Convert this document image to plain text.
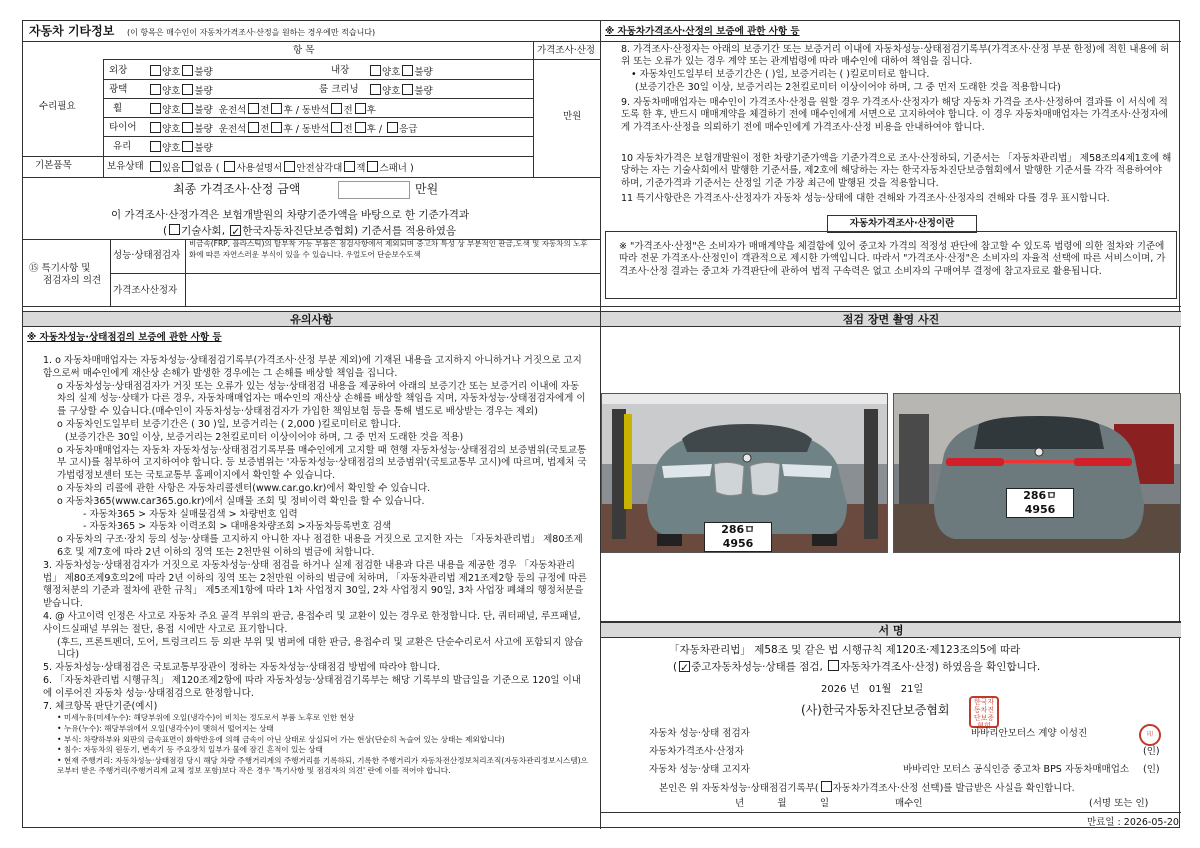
자동차 기타정보 (이 항목은 매수인이 자동차가격조사·산정을 원하는 경우에만 적습니다)
항 목	가격조사·산정
수리필요
기본품목
만원
외장	양호 불량	내장	양호 불량
광택	양호 불량	룸 크리닝	양호 불량
휠	양호 불량 운전석 전 후 / 동반석 전 후
타이어	양호 불량 운전석 전 후 / 동반석 전 후 / 응급
유리	양호 불량
보유상태	있음 없음 ( 사용설명서 안전삼각대 잭 스패너 )
최종 가격조사·산정 금액	만원
이 가격조사·산정가격은 보험개발원의 차량기준가액을 바탕으로 한 기준가격과
( 기술사회, ✓ 한국자동차진단보증협회) 기준서를 적용하였음
⑮ 특기사항 및
점검자의 의견
성능·상태점검자
비금속(FRP, 플라스틱)의 탈부착 가능 부품은 점검사항에서 제외되며 중고차 특성 상 부분적인 판금,도색 및 자동차의 노후화에 따른 자연스러운 부식이 있을 수 있습니다. 우얼도어 단순보수도색
가격조사산정자
※ 자동차가격조사·산정의 보증에 관한 사항 등
8. 가격조사·산정자는 아래의 보증기간 또는 보증거리 이내에 자동차성능·상태점검기록부(가격조사·산정 부분 한정)에 적힌 내용에 허위 또는 오류가 있는 경우 계약 또는 관계법령에 따라 매수인에 대하여 책임을 집니다.
• 자동차인도일부터 보증기간은 ( )일, 보증거리는 ( )킬로미터로 합니다.
(보증기간은 30일 이상, 보증거리는 2천킬로미터 이상이어야 하며, 그 중 먼저 도래한 것을 적용합니다)
9. 자동차매매업자는 매수인이 가격조사·산정을 원할 경우 가격조사·산정자가 해당 자동차 가격을 조사·산정하여 결과를 이 서식에 적도록 한 후, 반드시 매매계약을 체결하기 전에 매수인에게 서면으로 고지하여야 합니다. 이 경우 자동차매매업자는 가격조사·산정자에게 가격조사·산정을 의뢰하기 전에 매수인에게 가격조사·산정 비용을 안내하여야 합니다.
10 자동차가격은 보험개발원이 정한 차량기준가액을 기준가격으로 조사·산정하되, 기준서는 「자동차관리법」 제58조의4제1호에 해당하는 자는 기술사회에서 발행한 기준서를, 제2호에 해당하는 자는 한국자동차진단보증협회에서 발행한 기준서를 각각 적용하여야 하며, 기준가격과 기준서는 산정일 기준 가장 최근에 발행된 것을 적용합니다.
11 특기사항란은 가격조사·산정자가 자동차 성능·상태에 대한 견해와 가격조사·산정자의 견해와 다를 경우 표시합니다.
자동차가격조사·산정이란
※ "가격조사·산정"은 소비자가 매매계약을 체결함에 있어 중고차 가격의 적정성 판단에 참고할 수 있도록 법령에 의한 절차와 기준에 따라 전문 가격조사·산정인이 객관적으로 제시한 가액입니다. 따라서 "가격조사·산정"은 소비자의 자율적 선택에 따른 서비스이며, 가격조사·산정 결과는 중고차 가격판단에 관하여 법적 구속력은 없고 소비자의 구매여부 결정에 참고자료로 활용됩니다.
유의사항
※ 자동차성능·상태점검의 보증에 관한 사항 등

1. o 자동차매매업자는 자동차성능·상태점검기록부(가격조사·산정 부분 제외)에 기재된 내용을 고지하지 아니하거나 거짓으로 고지함으로써 매수인에게 재산상 손해가 발생한 경우에는 그 손해를 배상할 책임을 집니다.

o 자동차성능·상태점검자가 거짓 또는 오류가 있는 성능·상태점검 내용을 제공하여 아래의 보증기간 또는 보증거리 이내에 자동차의 실제 성능·상태가 다른 경우, 자동차매매업자는 매수인의 재산상 손해를 배상할 책임을 지며, 자동차성능·상태점검자에게 이를 구상할 수 있습니다.(매수인이 자동차성능·상태점검자가 가입한 책임보험 등을 통해 별도로 배상받는 경우는 제외)

o 자동차인도일부터 보증기간은 ( 30 )일, 보증거리는 ( 2,000 )킬로미터로 합니다.

(보증기간은 30일 이상, 보증거리는 2천킬로미터 이상이어야 하며, 그 중 먼저 도래한 것을 적용)

o 자동차매매업자는 자동차 자동차성능·상태점검기록부를 매수인에게 고지할 때 현행 자동차성능·상태점검의 보증범위(국토교통부 고시)를 첨부하여 고지하여야 합니다. 등 보증범위는 '자동차성능·상태점검의 보증범위'(국토교통부 고시)에 따르며, 법제처 국가법령정보센터 또는 국토교통부 홈페이지에서 확인할 수 있습니다.

o 자동차의 리콜에 관한 사항은 자동차리콜센터(www.car.go.kr)에서 확인할 수 있습니다.

o 자동차365(www.car365.go.kr)에서 실매물 조회 및 정비이력 확인을 할 수 있습니다.

- 자동차365 > 자동차 실매물검색 > 차량번호 입력

- 자동차365 > 자동차 이력조회 > 대매용차량조회 >자동차등록번호 검색

o 자동차의 구조·장치 등의 성능·상태를 고지하지 아니한 자나 점검한 내용을 거짓으로 고지한 자는 「자동차관리법」 제80조제6호 및 제7호에 따라 2년 이하의 징역 또는 2천만원 이하의 벌금에 처합니다.

3. 자동차성능·상태점검자가 거짓으로 자동차성능·상태 점검을 하거나 실제 점검한 내용과 다른 내용을 제공한 경우 「자동차관리법」 제80조제9호의2에 따라 2년 이하의 징역 또는 2천만원 이하의 벌금에 처하며, 「자동차관리법 제21조제2항 등의 규정에 따른 행정처분의 기준과 절차에 관한 규칙」 제5조제1항에 따라 1차 사업정지 30일, 2차 사업정지 90일, 3차 사업장 폐쇄의 행정처분을 받습니다.

4. @ 사고이력 인정은 사고로 자동차 주요 골격 부위의 판금, 용접수리 및 교환이 있는 경우로 한정합니다. 단, 쿼터패널, 루프패널, 사이드실패널 부위는 절단, 용접 시에만 사고로 표기합니다.

(후드, 프론트펜더, 도어, 트렁크리드 등 외판 부위 및 범퍼에 대한 판금, 용접수리 및 교환은 단순수리로서 사고에 포함되지 않습니다)

5. 자동차성능·상태점검은 국토교통부장관이 정하는 자동차성능·상태점검 방법에 따라야 합니다.

6. 「자동차관리법 시행규칙」 제120조제2항에 따라 자동차성능·상태점검기록부는 해당 기록부의 발급일을 기준으로 120일 이내에 이루어진 자동차 성능·상태점검으로 한정합니다.

7. 체크항목 판단기준(예시)

• 미세누유(미세누수): 해당부위에 오일(냉각수)이 비치는 정도로서 부품 노후로 인한 현상

• 누유(누수): 해당부위에서 오일(냉각수)이 맺혀서 떨어지는 상태

• 부식: 차량하부와 외판의 금속표면이 화학반응에 의해 금속이 아닌 상태로 상실되어 가는 현상(단순히 녹슬어 있는 상태는 제외합니다)

• 침수: 자동차의 원동기, 변속기 등 주요장치 일부가 물에 잠긴 흔적이 있는 상태

• 현재 주행거리: 자동차성능·상태점검 당시 해당 차량 주행거리계의 주행거리를 기록하되, 기록한 주행거리가 자동차전산정보처리조직(자동차관리정보시스템)으로부터 받은 주행거리(주행거리계 교체 정보 포함)보다 작은 경우 '특기사항 및 점검자의 의견' 란에 이를 적어야 합니다.

점검 장면 촬영 사진
286ㅁ 4956
286ㅁ 4956
서 명
「자동차관리법」 제58조 및 같은 법 시행규칙 제120조·제123조의5에 따라
( ✓ 중고자동차성능·상태를 점검, 자동차가격조사·산정) 하였음을 확인합니다.
2026 년 01월 21일
(사)한국자동차진단보증협회
한국자동차진단보증협회
자동차 성능·상태 점검자	바바리안모터스 계양 이성진	印
자동차가격조사·산정자	(인)
자동차 성능·상태 고지자	바바리안 모터스 공식인증 중고차 BPS 자동차매매업소 (인)
본인은 위 자동차성능·상태점검기록부( 자동차가격조사·산정 선택)를 발급받은 사실을 확인합니다.
년	월	일	매수인	(서명 또는 인)
만료일 : 2026-05-20
